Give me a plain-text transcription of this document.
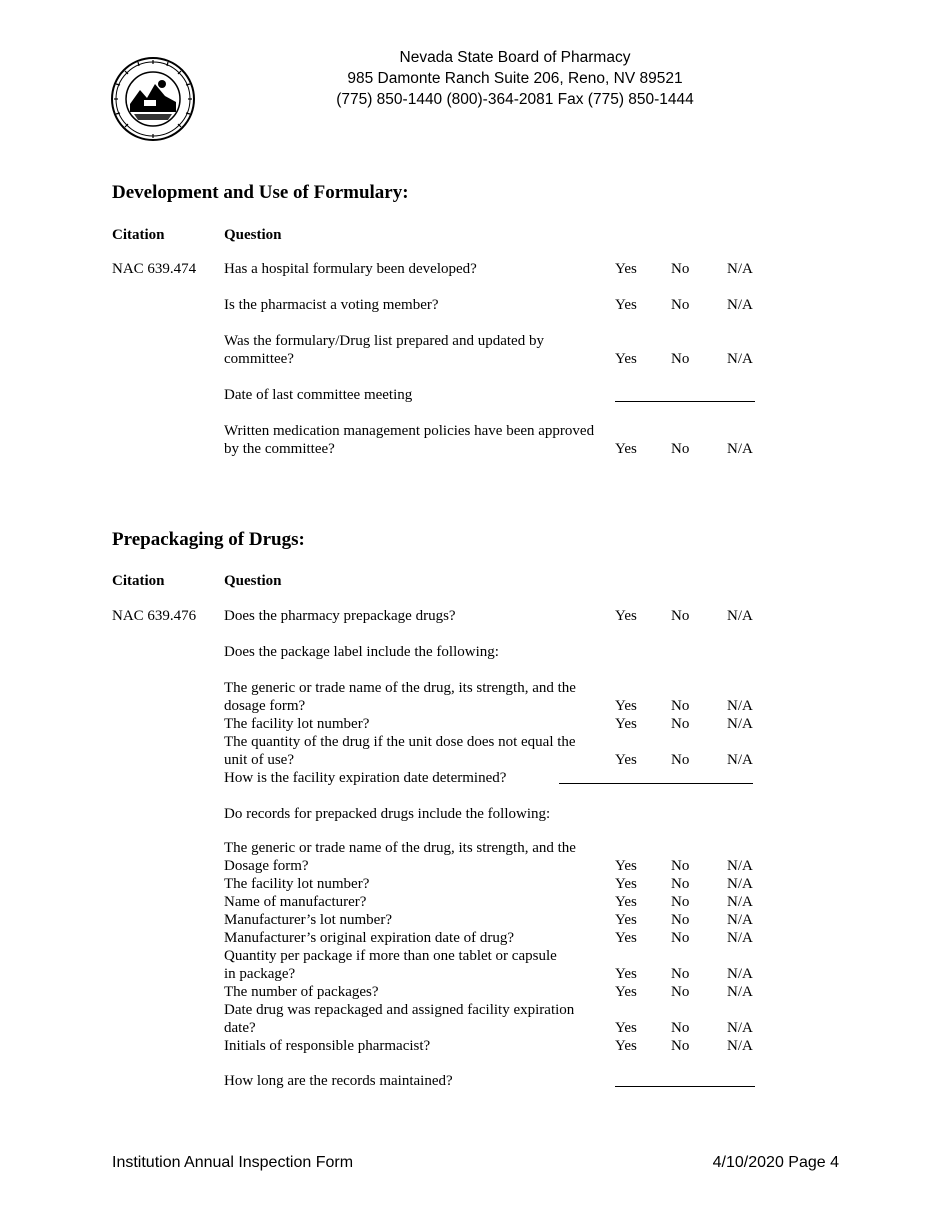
Nevada State Board of Pharmacy
985 Damonte Ranch Suite 206, Reno, NV 89521
(775) 850-1440 (800)-364-2081 Fax (775) 850-1444
Development and Use of Formulary:
Citation	Question
NAC 639.474 Has a hospital formulary been developed?	Yes No	N/A
Is the pharmacist a voting member?	Yes No	N/A
Was the formulary/Drug list prepared and updated by
committee?	Yes No	N/A
Date of last committee meeting
Written medication management policies have been approved
by the committee?	Yes No	N/A
Prepackaging of Drugs:
Citation	Question
NAC 639.476 Does the pharmacy prepackage drugs?	Yes No	N/A
Does the package label include the following:
The generic or trade name of the drug, its strength, and the
dosage form?	Yes No	N/A
The facility lot number?	Yes No	N/A
The quantity of the drug if the unit dose does not equal the
unit of use?	Yes No	N/A
How is the facility expiration date determined?
Do records for prepacked drugs include the following:
The generic or trade name of the drug, its strength, and the
Dosage form?	Yes No	N/A
The facility lot number?	Yes No	N/A
Name of manufacturer?	Yes No	N/A
Manufacturer’s lot number?	Yes No	N/A
Manufacturer’s original expiration date of drug?	Yes No	N/A
Quantity per package if more than one tablet or capsule
in package?	Yes No	N/A
The number of packages?	Yes No	N/A
Date drug was repackaged and assigned facility expiration
date?	Yes No	N/A
Initials of responsible pharmacist?	Yes No	N/A
How long are the records maintained?
Institution Annual Inspection Form	4/10/2020 Page 4
